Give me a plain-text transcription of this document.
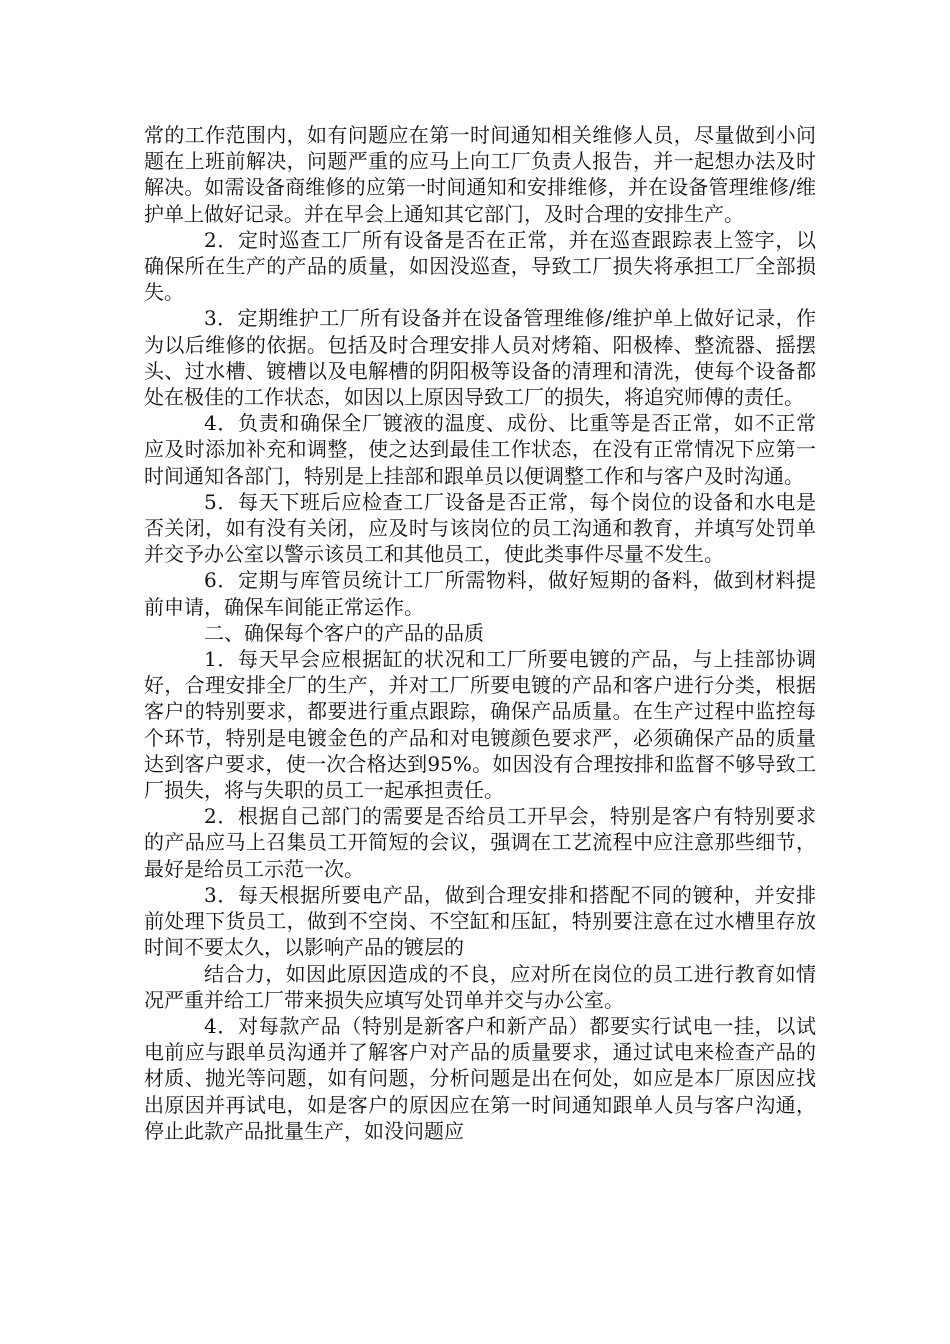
常的工作范围内，如有问题应在第一时间通知相关维修人员，尽量做到小问题在上班前解决，问题严重的应马上向工厂负责人报告，并一起想办法及时解决。如需设备商维修的应第一时间通知和安排维修，并在设备管理维修/维护单上做好记录。并在早会上通知其它部门，及时合理的安排生产。

2．定时巡查工厂所有设备是否在正常，并在巡查跟踪表上签字，以确保所在生产的产品的质量，如因没巡查，导致工厂损失将承担工厂全部损失。

3．定期维护工厂所有设备并在设备管理维修/维护单上做好记录，作为以后维修的依据。包括及时合理安排人员对烤箱、阳极棒、整流器、摇摆头、过水槽、镀槽以及电解槽的阴阳极等设备的清理和清洗，使每个设备都处在极佳的工作状态，如因以上原因导致工厂的损失，将追究师傅的责任。

4．负责和确保全厂镀液的温度、成份、比重等是否正常，如不正常应及时添加补充和调整，使之达到最佳工作状态，在没有正常情况下应第一时间通知各部门，特别是上挂部和跟单员以便调整工作和与客户及时沟通。

5．每天下班后应检查工厂设备是否正常，每个岗位的设备和水电是否关闭，如有没有关闭，应及时与该岗位的员工沟通和教育，并填写处罚单并交予办公室以警示该员工和其他员工，使此类事件尽量不发生。

6．定期与库管员统计工厂所需物料，做好短期的备料，做到材料提前申请，确保车间能正常运作。

二、确保每个客户的产品的品质

1．每天早会应根据缸的状况和工厂所要电镀的产品，与上挂部协调好，合理安排全厂的生产，并对工厂所要电镀的产品和客户进行分类，根据客户的特别要求，都要进行重点跟踪，确保产品质量。在生产过程中监控每个环节，特别是电镀金色的产品和对电镀颜色要求严，必须确保产品的质量达到客户要求，使一次合格达到95%。如因没有合理按排和监督不够导致工厂损失，将与失职的员工一起承担责任。

2．根据自己部门的需要是否给员工开早会，特别是客户有特别要求的产品应马上召集员工开简短的会议，强调在工艺流程中应注意那些细节，最好是给员工示范一次。

3．每天根据所要电产品，做到合理安排和搭配不同的镀种，并安排前处理下货员工，做到不空岗、不空缸和压缸，特别要注意在过水槽里存放时间不要太久，以影响产品的镀层的

结合力，如因此原因造成的不良，应对所在岗位的员工进行教育如情况严重并给工厂带来损失应填写处罚单并交与办公室。

4．对每款产品（特别是新客户和新产品）都要实行试电一挂，以试电前应与跟单员沟通并了解客户对产品的质量要求，通过试电来检查产品的材质、抛光等问题，如有问题，分析问题是出在何处，如应是本厂原因应找出原因并再试电，如是客户的原因应在第一时间通知跟单人员与客户沟通，停止此款产品批量生产，如没问题应
